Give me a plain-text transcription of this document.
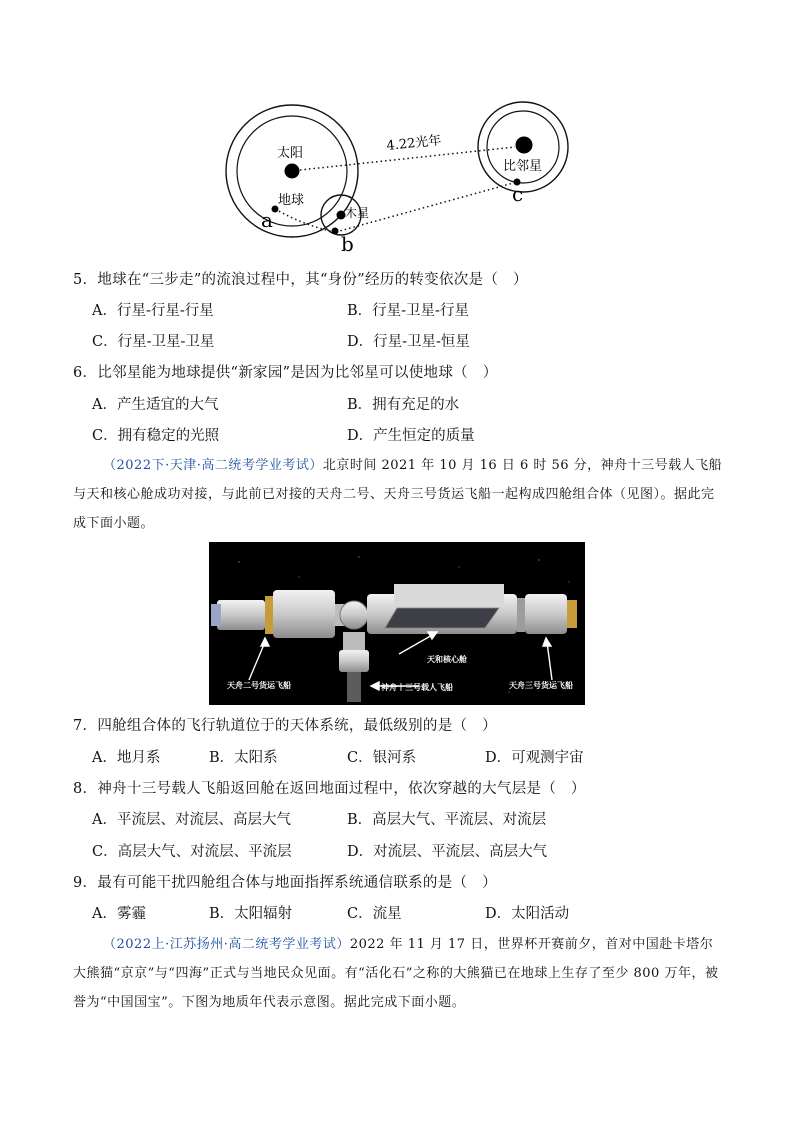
太阳
地球
木星
比邻星
4.22光年
a
b
c
5．地球在“三步走”的流浪过程中，其“身份”经历的转变依次是（　）
A．行星-行星-行星	B．行星-卫星-行星
C．行星-卫星-卫星	D．行星-卫星-恒星
6．比邻星能为地球提供“新家园”是因为比邻星可以使地球（　）
A．产生适宜的大气	B．拥有充足的水
C．拥有稳定的光照	D．产生恒定的质量
（2022下·天津·高二统考学业考试）北京时间 2021 年 10 月 16 日 6 时 56 分，神舟十三号载人飞船与天和核心舱成功对接，与此前已对接的天舟二号、天舟三号货运飞船一起构成四舱组合体（见图）。据此完成下面小题。
天舟二号货运飞船
天和核心舱
神舟十三号载人飞船	天舟三号货运飞船
7．四舱组合体的飞行轨道位于的天体系统，最低级别的是（　）
A．地月系	B．太阳系	C．银河系	D．可观测宇宙
8．神舟十三号载人飞船返回舱在返回地面过程中，依次穿越的大气层是（　）
A．平流层、对流层、高层大气	B．高层大气、平流层、对流层
C．高层大气、对流层、平流层	D．对流层、平流层、高层大气
9．最有可能干扰四舱组合体与地面指挥系统通信联系的是（　）
A．雾霾	B．太阳辐射	C．流星	D．太阳活动
（2022上·江苏扬州·高二统考学业考试）2022 年 11 月 17 日，世界杯开赛前夕，首对中国赴卡塔尔大熊猫“京京”与“四海”正式与当地民众见面。有“活化石”之称的大熊猫已在地球上生存了至少 800 万年，被誉为“中国国宝”。下图为地质年代表示意图。据此完成下面小题。
